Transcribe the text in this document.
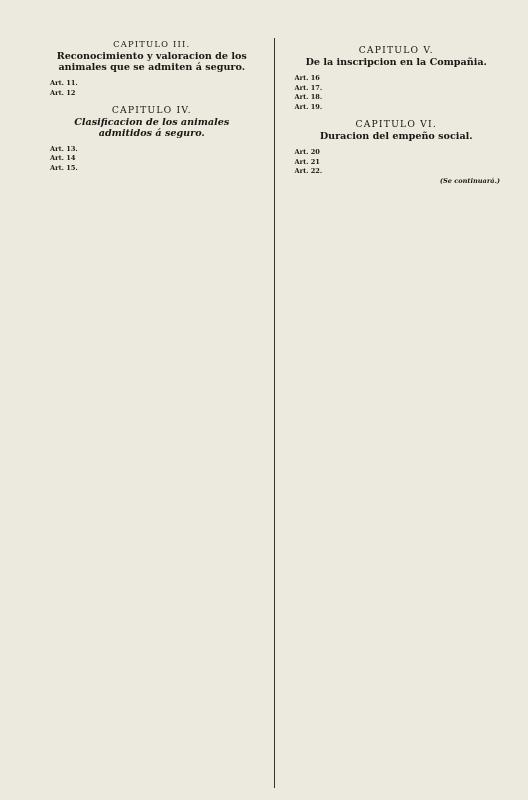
CAPITULO III.
Reconocimiento y valoracion de los animales que se admiten á seguro.
Art. 11.
Art. 12
CAPITULO IV.
Clasificacion de los animales admitidos á seguro.
Art. 13.
Art. 14
Art. 15.
CAPITULO V.
De la inscripcion en la Compañia.
Art. 16
Art. 17.
Art. 18.
Art. 19.
CAPITULO VI.
Duracion del empeño social.
Art. 20
Art. 21
Art. 22.
(Se continuará.)
